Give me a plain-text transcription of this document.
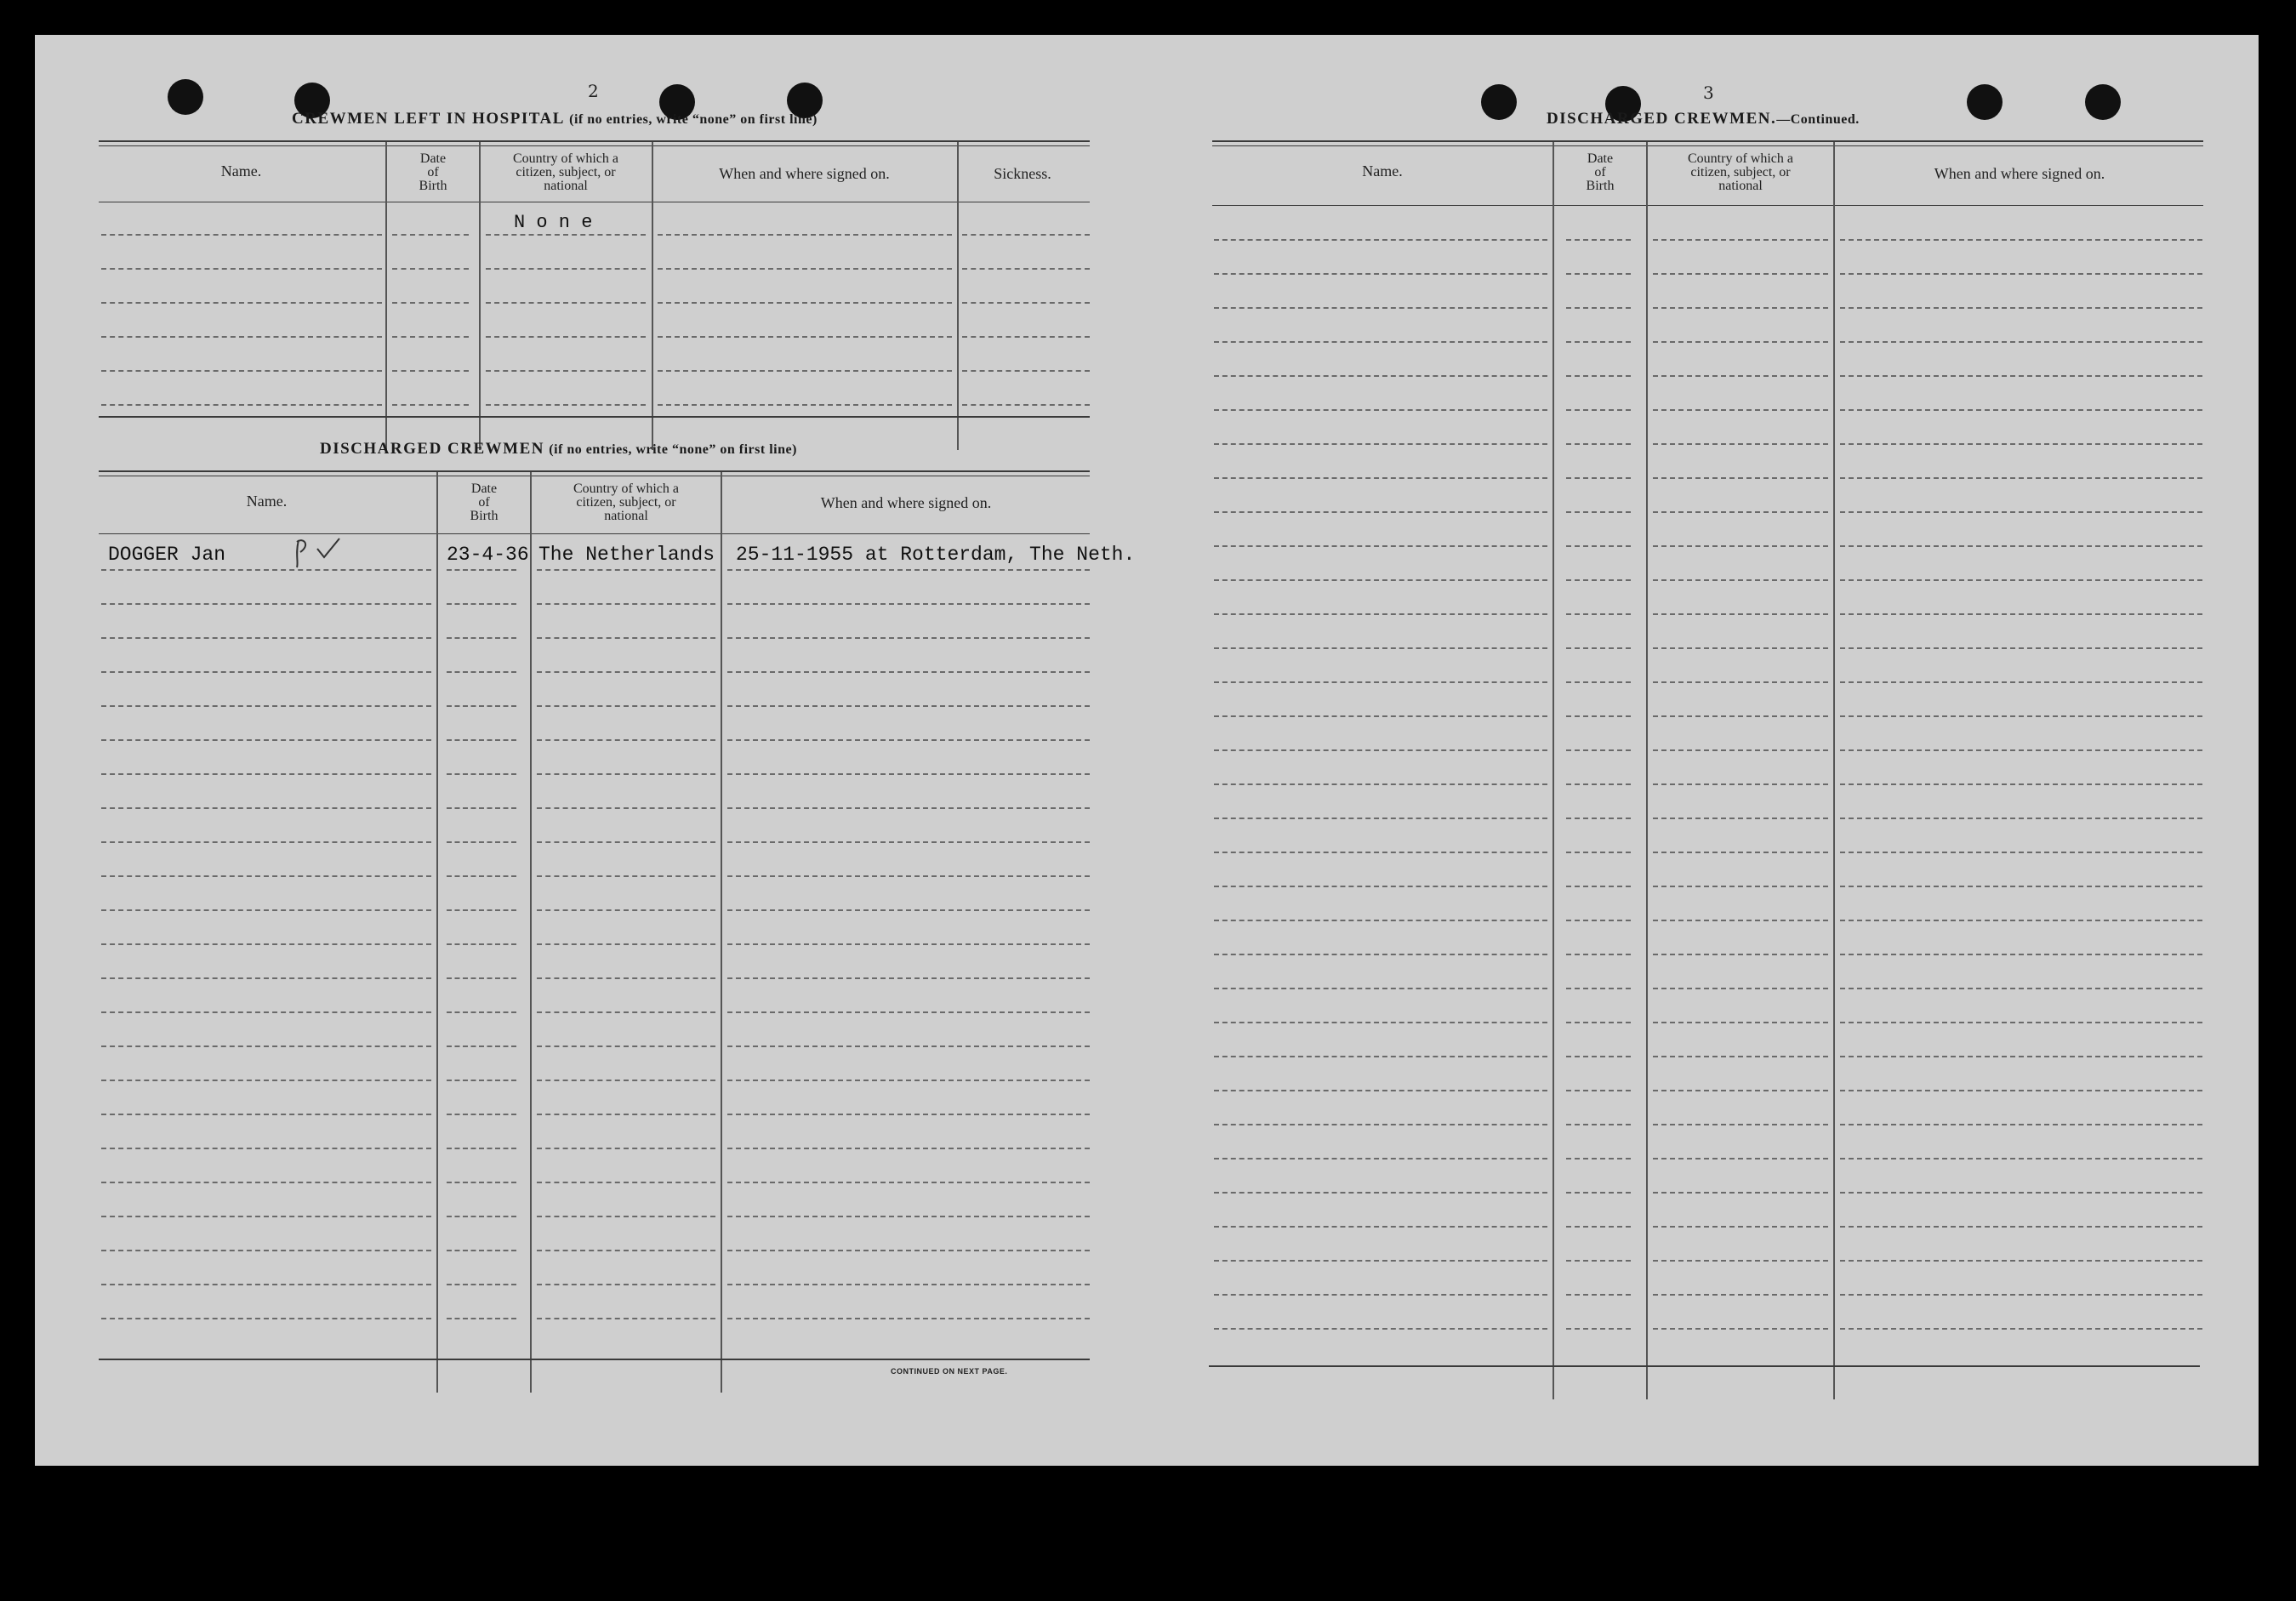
2
CREWMEN LEFT IN HOSPITAL (if no entries, write “none” on first line)
Name.
Date
of
Birth
Country of which a
citizen, subject, or
national
When and where signed on.	Sickness.
N o n e
DISCHARGED CREWMEN (if no entries, write “none” on first line)
Name.
Date
of
Birth
Country of which a
citizen, subject, or
national
When and where signed on.
DOGGER Jan	23-4-36 The Netherlands 25-11-1955 at Rotterdam, The Neth.
CONTINUED ON NEXT PAGE.
3
DISCHARGED CREWMEN.—Continued.
Name.
Date
of
Birth
Country of which a
citizen, subject, or
national
When and where signed on.
